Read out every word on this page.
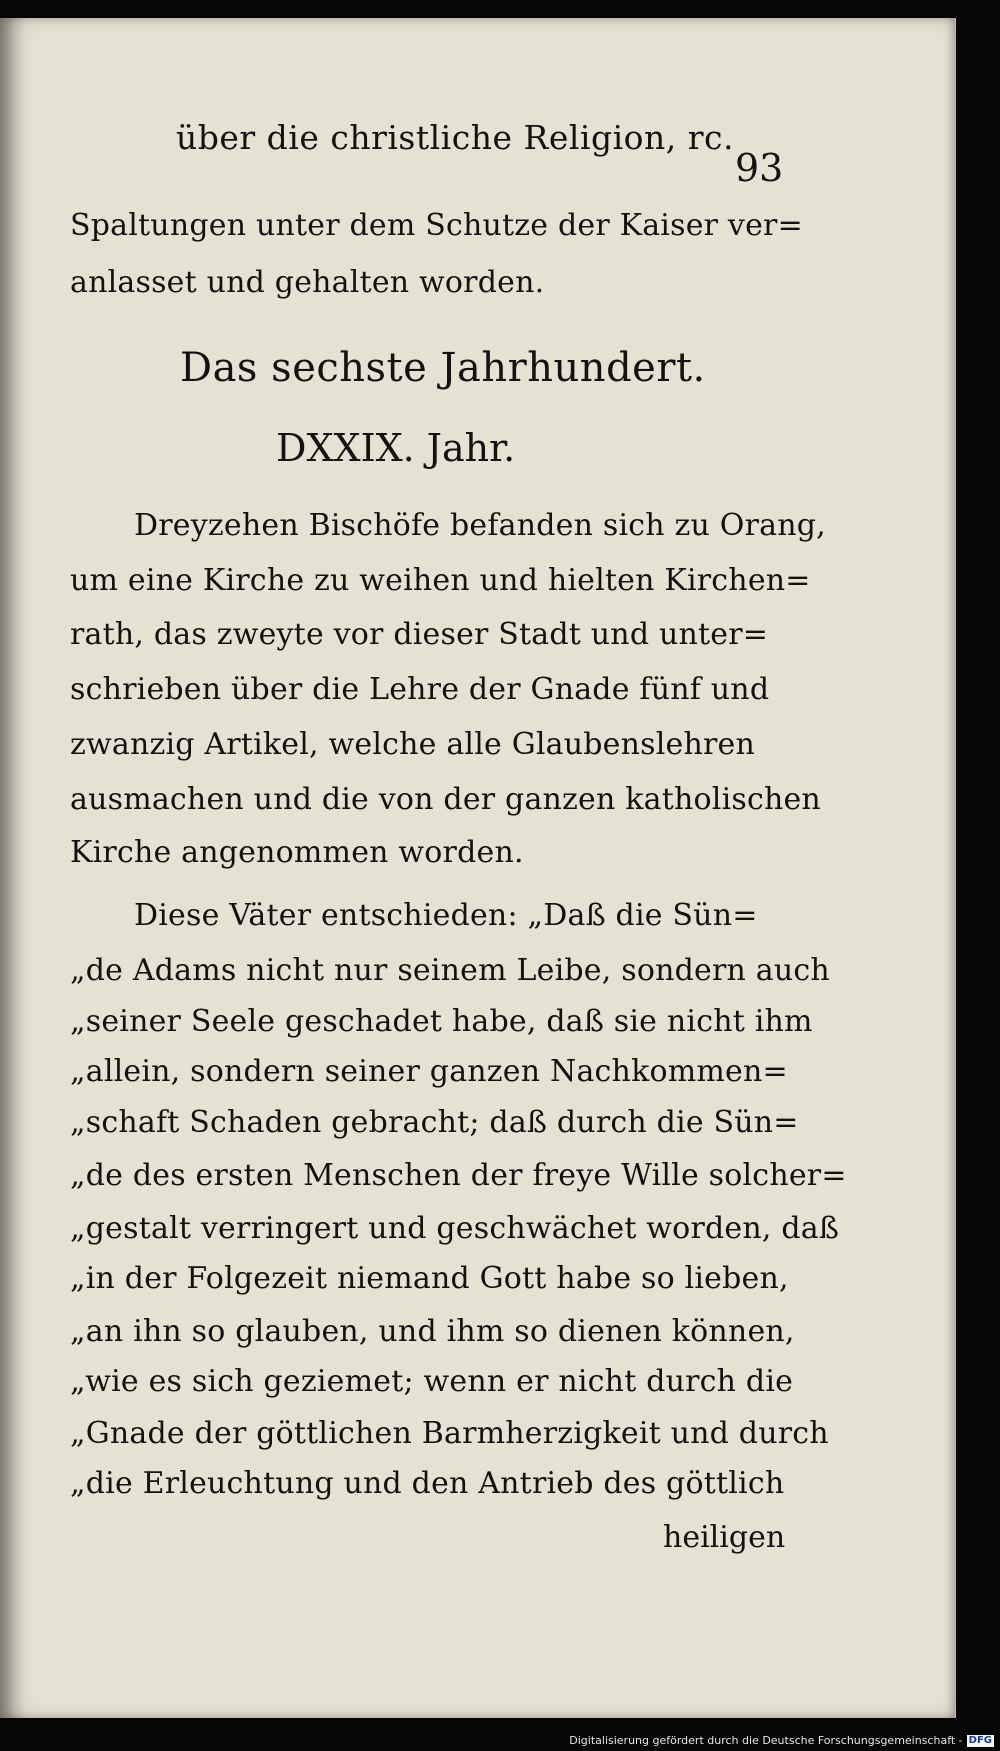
über die christliche Religion, rc.

93

Spaltungen unter dem Schutze der Kaiser ver=

anlasset und gehalten worden.

Das sechste Jahrhundert.

DXXIX. Jahr.

Dreyzehen Bischöfe befanden sich zu Orang,

um eine Kirche zu weihen und hielten Kirchen=

rath, das zweyte vor dieser Stadt und unter=

schrieben über die Lehre der Gnade fünf und

zwanzig Artikel, welche alle Glaubenslehren

ausmachen und die von der ganzen katholischen

Kirche angenommen worden.

Diese Väter entschieden: „Daß die Sün=

„de Adams nicht nur seinem Leibe, sondern auch

„seiner Seele geschadet habe, daß sie nicht ihm

„allein, sondern seiner ganzen Nachkommen=

„schaft Schaden gebracht; daß durch die Sün=

„de des ersten Menschen der freye Wille solcher=

„gestalt verringert und geschwächet worden, daß

„in der Folgezeit niemand Gott habe so lieben,

„an ihn so glauben, und ihm so dienen können,

„wie es sich geziemet; wenn er nicht durch die

„Gnade der göttlichen Barmherzigkeit und durch

„die Erleuchtung und den Antrieb des göttlich

heiligen

Digitalisierung gefördert durch die Deutsche Forschungsgemeinschaft - DFG
